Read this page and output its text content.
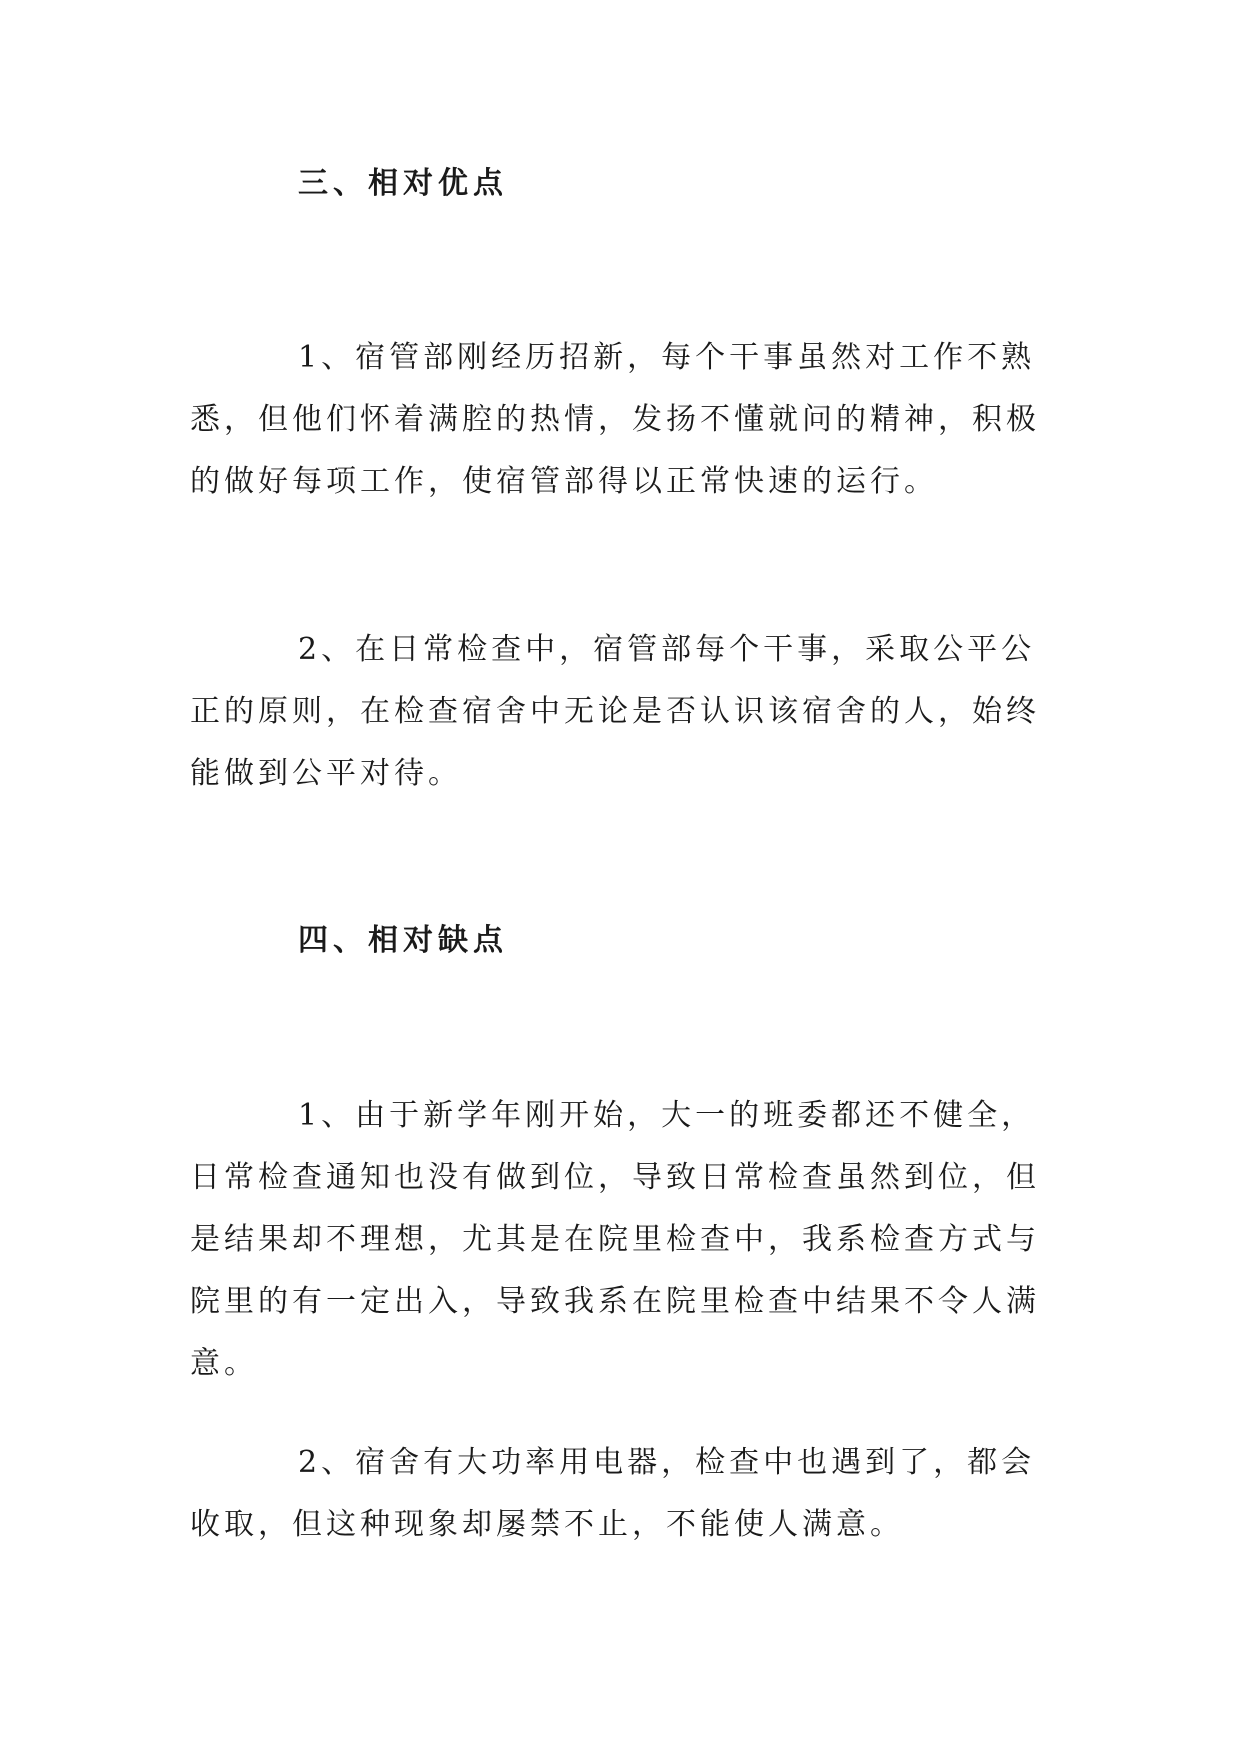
三、相对优点

1、宿管部刚经历招新，每个干事虽然对工作不熟悉，但他们怀着满腔的热情，发扬不懂就问的精神，积极的做好每项工作，使宿管部得以正常快速的运行。

2、在日常检查中，宿管部每个干事，采取公平公正的原则，在检查宿舍中无论是否认识该宿舍的人，始终能做到公平对待。

四、相对缺点

1、由于新学年刚开始，大一的班委都还不健全，日常检查通知也没有做到位，导致日常检查虽然到位，但是结果却不理想，尤其是在院里检查中，我系检查方式与院里的有一定出入，导致我系在院里检查中结果不令人满意。

2、宿舍有大功率用电器，检查中也遇到了，都会收取，但这种现象却屡禁不止，不能使人满意。
